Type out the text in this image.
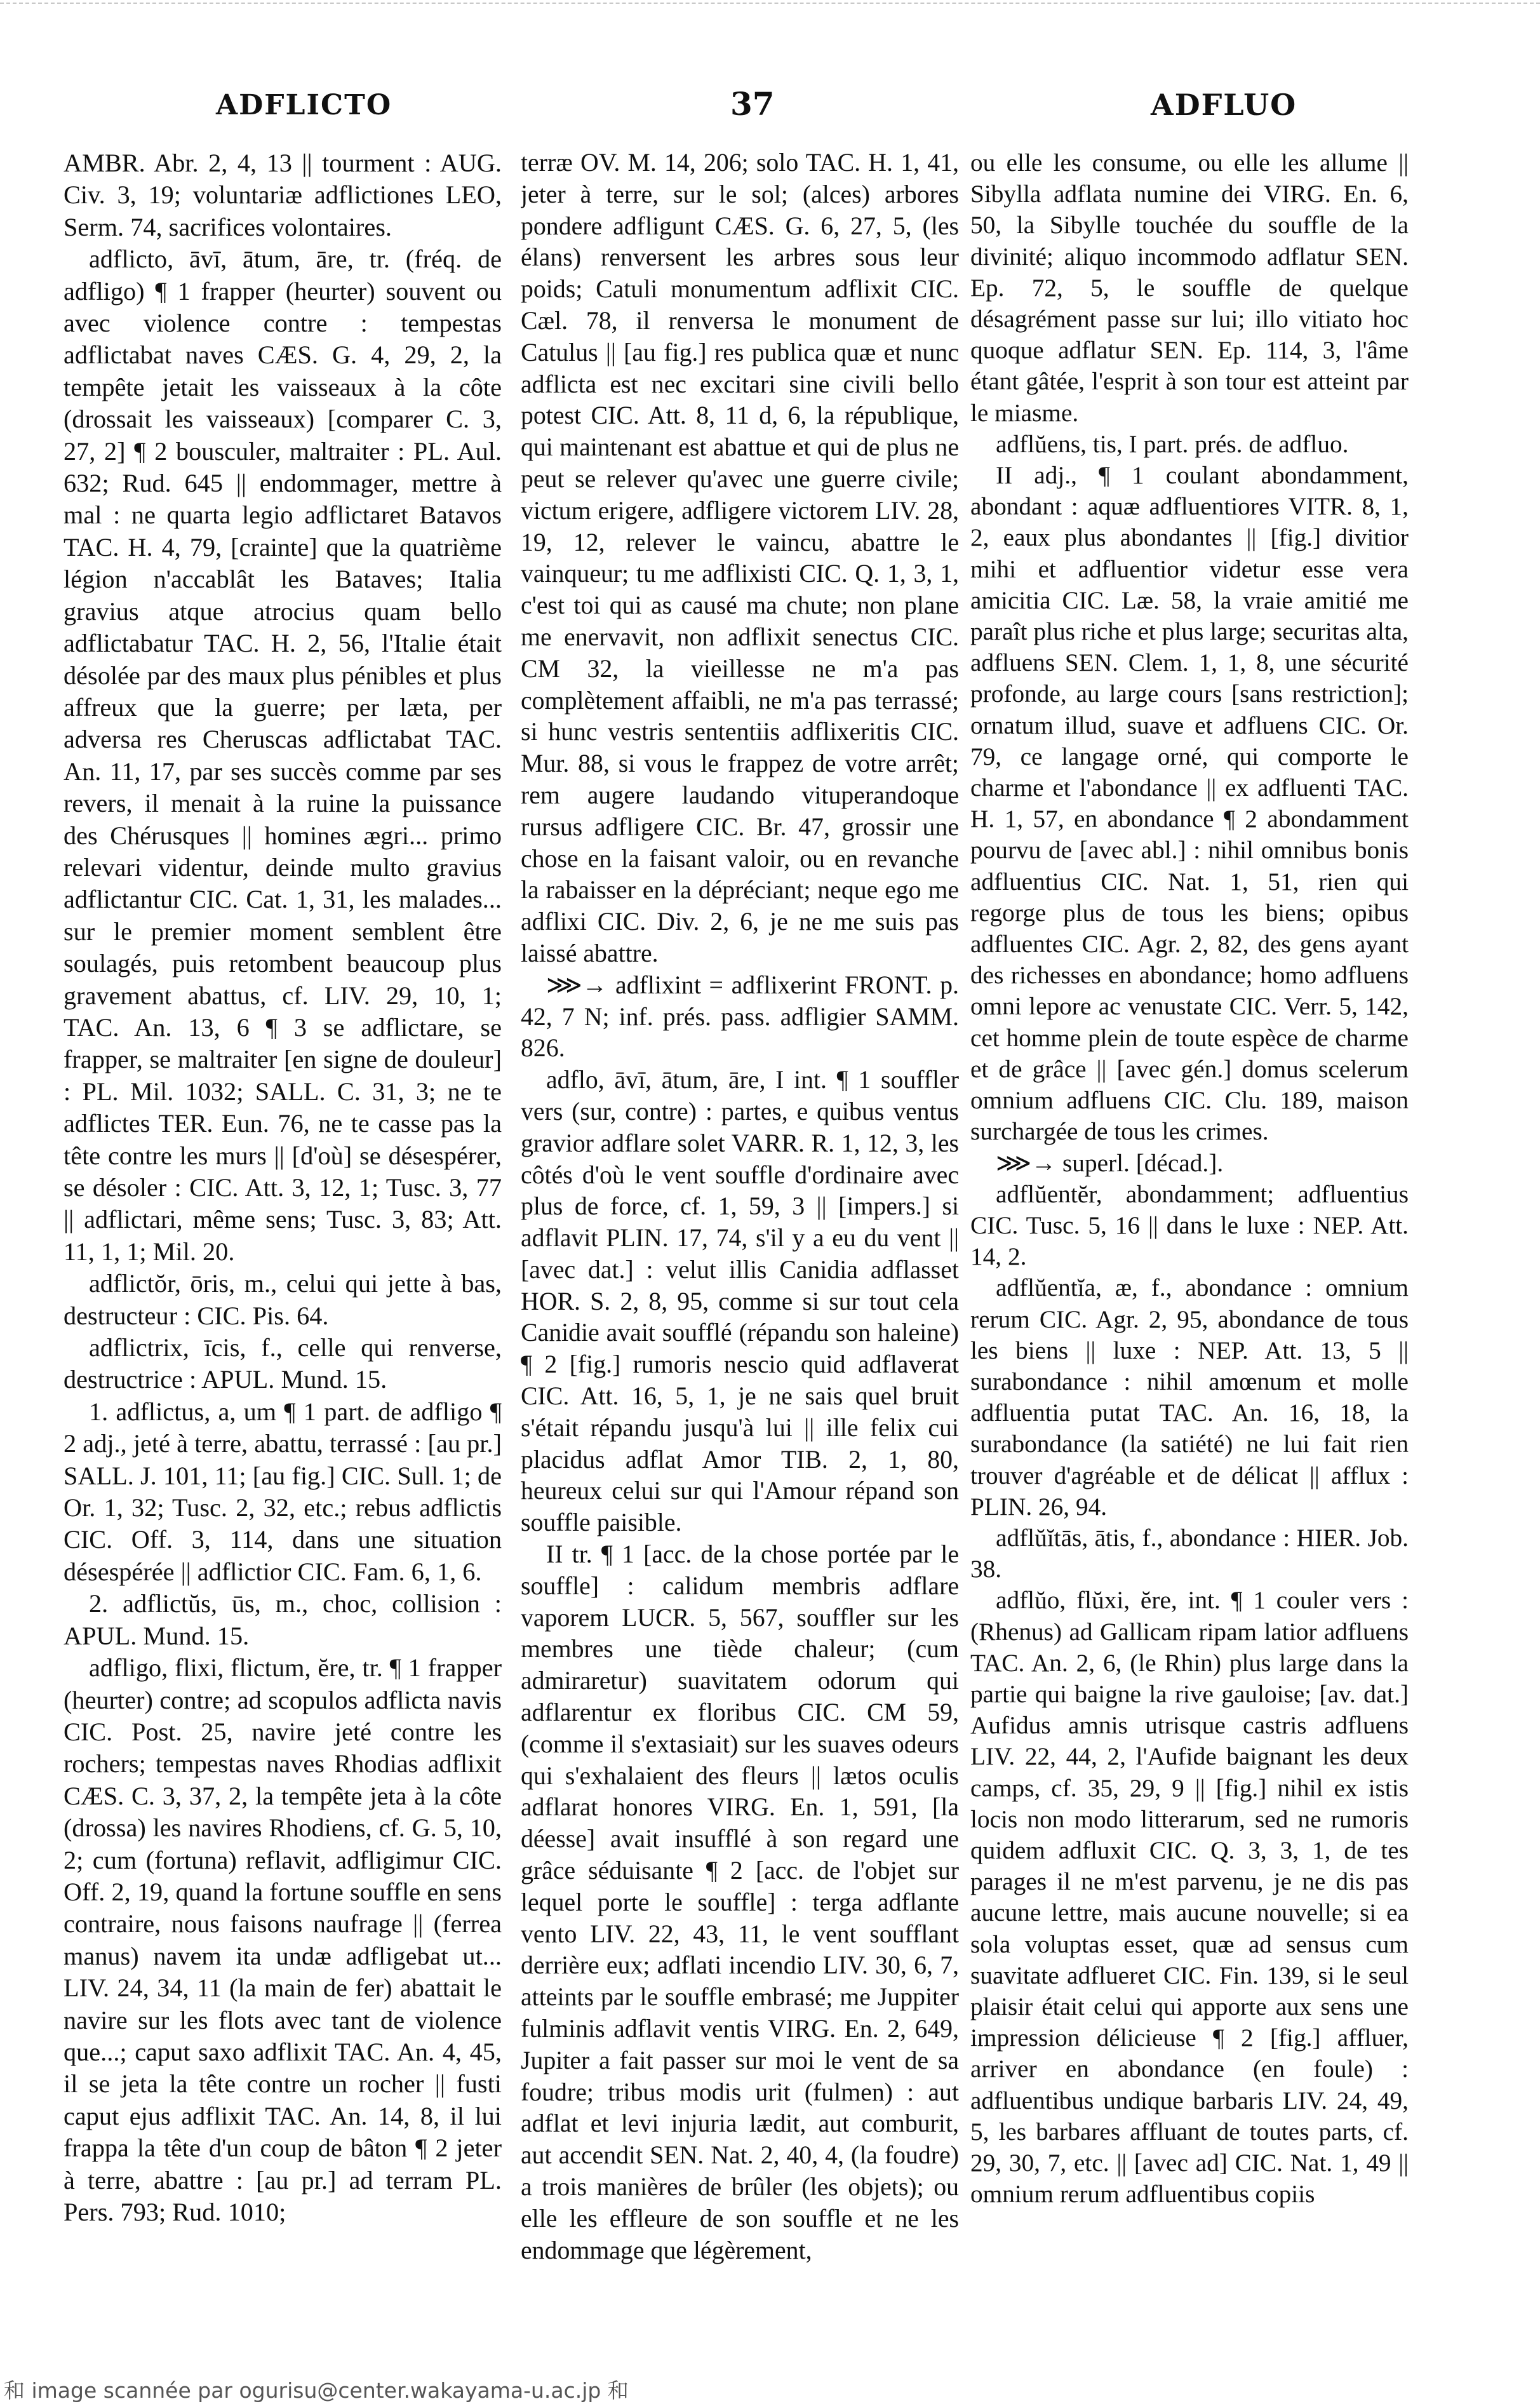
ADFLICTO	37	ADFLUO

AMBR. Abr. 2, 4, 13 || tourment : AUG. Civ. 3, 19; voluntariæ adflictiones LEO, Serm. 74, sacrifices volontaires.

adflicto, āvī, ātum, āre, tr. (fréq. de adfligo) ¶ 1 frapper (heurter) souvent ou avec violence contre : tempestas adflictabat naves CÆS. G. 4, 29, 2, la tempête jetait les vaisseaux à la côte (drossait les vaisseaux) [comparer C. 3, 27, 2] ¶ 2 bousculer, maltraiter : PL. Aul. 632; Rud. 645 || endommager, mettre à mal : ne quarta legio adflictaret Batavos TAC. H. 4, 79, [crainte] que la quatrième légion n'accablât les Bataves; Italia gravius atque atrocius quam bello adflictabatur TAC. H. 2, 56, l'Italie était désolée par des maux plus pénibles et plus affreux que la guerre; per læta, per adversa res Cheruscas adflictabat TAC. An. 11, 17, par ses succès comme par ses revers, il menait à la ruine la puissance des Chérusques || homines ægri... primo relevari videntur, deinde multo gravius adflictantur CIC. Cat. 1, 31, les malades... sur le premier moment semblent être soulagés, puis retombent beaucoup plus gravement abattus, cf. LIV. 29, 10, 1; TAC. An. 13, 6 ¶ 3 se adflictare, se frapper, se maltraiter [en signe de douleur] : PL. Mil. 1032; SALL. C. 31, 3; ne te adflictes TER. Eun. 76, ne te casse pas la tête contre les murs || [d'où] se désespérer, se désoler : CIC. Att. 3, 12, 1; Tusc. 3, 77 || adflictari, même sens; Tusc. 3, 83; Att. 11, 1, 1; Mil. 20.

adflictŏr, ōris, m., celui qui jette à bas, destructeur : CIC. Pis. 64.

adflictrix, īcis, f., celle qui renverse, destructrice : APUL. Mund. 15.

1. adflictus, a, um ¶ 1 part. de adfligo ¶ 2 adj., jeté à terre, abattu, terrassé : [au pr.] SALL. J. 101, 11; [au fig.] CIC. Sull. 1; de Or. 1, 32; Tusc. 2, 32, etc.; rebus adflictis CIC. Off. 3, 114, dans une situation désespérée || adflictior CIC. Fam. 6, 1, 6.

2. adflictŭs, ūs, m., choc, collision : APUL. Mund. 15.

adfligo, flixi, flictum, ĕre, tr. ¶ 1 frapper (heurter) contre; ad scopulos adflicta navis CIC. Post. 25, navire jeté contre les rochers; tempestas naves Rhodias adflixit CÆS. C. 3, 37, 2, la tempête jeta à la côte (drossa) les navires Rhodiens, cf. G. 5, 10, 2; cum (fortuna) reflavit, adfligimur CIC. Off. 2, 19, quand la fortune souffle en sens contraire, nous faisons naufrage || (ferrea manus) navem ita undæ adfligebat ut... LIV. 24, 34, 11 (la main de fer) abattait le navire sur les flots avec tant de violence que...; caput saxo adflixit TAC. An. 4, 45, il se jeta la tête contre un rocher || fusti caput ejus adflixit TAC. An. 14, 8, il lui frappa la tête d'un coup de bâton ¶ 2 jeter à terre, abattre : [au pr.] ad terram PL. Pers. 793; Rud. 1010;

terræ OV. M. 14, 206; solo TAC. H. 1, 41, jeter à terre, sur le sol; (alces) arbores pondere adfligunt CÆS. G. 6, 27, 5, (les élans) renversent les arbres sous leur poids; Catuli monumentum adflixit CIC. Cæl. 78, il renversa le monument de Catulus || [au fig.] res publica quæ et nunc adflicta est nec excitari sine civili bello potest CIC. Att. 8, 11 d, 6, la république, qui maintenant est abattue et qui de plus ne peut se relever qu'avec une guerre civile; victum erigere, adfligere victorem LIV. 28, 19, 12, relever le vaincu, abattre le vainqueur; tu me adflixisti CIC. Q. 1, 3, 1, c'est toi qui as causé ma chute; non plane me enervavit, non adflixit senectus CIC. CM 32, la vieillesse ne m'a pas complètement affaibli, ne m'a pas terrassé; si hunc vestris sententiis adflixeritis CIC. Mur. 88, si vous le frappez de votre arrêt; rem augere laudando vituperandoque rursus adfligere CIC. Br. 47, grossir une chose en la faisant valoir, ou en revanche la rabaisser en la dépréciant; neque ego me adflixi CIC. Div. 2, 6, je ne me suis pas laissé abattre.

⋙→ adflixint = adflixerint FRONT. p. 42, 7 N; inf. prés. pass. adfligier SAMM. 826.

adflo, āvī, ātum, āre, I int. ¶ 1 souffler vers (sur, contre) : partes, e quibus ventus gravior adflare solet VARR. R. 1, 12, 3, les côtés d'où le vent souffle d'ordinaire avec plus de force, cf. 1, 59, 3 || [impers.] si adflavit PLIN. 17, 74, s'il y a eu du vent || [avec dat.] : velut illis Canidia adflasset HOR. S. 2, 8, 95, comme si sur tout cela Canidie avait soufflé (répandu son haleine) ¶ 2 [fig.] rumoris nescio quid adflaverat CIC. Att. 16, 5, 1, je ne sais quel bruit s'était répandu jusqu'à lui || ille felix cui placidus adflat Amor TIB. 2, 1, 80, heureux celui sur qui l'Amour répand son souffle paisible.

II tr. ¶ 1 [acc. de la chose portée par le souffle] : calidum membris adflare vaporem LUCR. 5, 567, souffler sur les membres une tiède chaleur; (cum admiraretur) suavitatem odorum qui adflarentur ex floribus CIC. CM 59, (comme il s'extasiait) sur les suaves odeurs qui s'exhalaient des fleurs || lætos oculis adflarat honores VIRG. En. 1, 591, [la déesse] avait insufflé à son regard une grâce séduisante ¶ 2 [acc. de l'objet sur lequel porte le souffle] : terga adflante vento LIV. 22, 43, 11, le vent soufflant derrière eux; adflati incendio LIV. 30, 6, 7, atteints par le souffle embrasé; me Juppiter fulminis adflavit ventis VIRG. En. 2, 649, Jupiter a fait passer sur moi le vent de sa foudre; tribus modis urit (fulmen) : aut adflat et levi injuria lædit, aut comburit, aut accendit SEN. Nat. 2, 40, 4, (la foudre) a trois manières de brûler (les objets); ou elle les effleure de son souffle et ne les endommage que légèrement,

ou elle les consume, ou elle les allume || Sibylla adflata numine dei VIRG. En. 6, 50, la Sibylle touchée du souffle de la divinité; aliquo incommodo adflatur SEN. Ep. 72, 5, le souffle de quelque désagrément passe sur lui; illo vitiato hoc quoque adflatur SEN. Ep. 114, 3, l'âme étant gâtée, l'esprit à son tour est atteint par le miasme.

adflŭens, tis, I part. prés. de adfluo.

II adj., ¶ 1 coulant abondamment, abondant : aquæ adfluentiores VITR. 8, 1, 2, eaux plus abondantes || [fig.] divitior mihi et adfluentior videtur esse vera amicitia CIC. Læ. 58, la vraie amitié me paraît plus riche et plus large; securitas alta, adfluens SEN. Clem. 1, 1, 8, une sécurité profonde, au large cours [sans restriction]; ornatum illud, suave et adfluens CIC. Or. 79, ce langage orné, qui comporte le charme et l'abondance || ex adfluenti TAC. H. 1, 57, en abondance ¶ 2 abondamment pourvu de [avec abl.] : nihil omnibus bonis adfluentius CIC. Nat. 1, 51, rien qui regorge plus de tous les biens; opibus adfluentes CIC. Agr. 2, 82, des gens ayant des richesses en abondance; homo adfluens omni lepore ac venustate CIC. Verr. 5, 142, cet homme plein de toute espèce de charme et de grâce || [avec gén.] domus scelerum omnium adfluens CIC. Clu. 189, maison surchargée de tous les crimes.

⋙→ superl. [décad.].

adflŭentĕr, abondamment; adfluentius CIC. Tusc. 5, 16 || dans le luxe : NEP. Att. 14, 2.

adflŭentĭa, æ, f., abondance : omnium rerum CIC. Agr. 2, 95, abondance de tous les biens || luxe : NEP. Att. 13, 5 || surabondance : nihil amœnum et molle adfluentia putat TAC. An. 16, 18, la surabondance (la satiété) ne lui fait rien trouver d'agréable et de délicat || afflux : PLIN. 26, 94.

adflŭĭtās, ātis, f., abondance : HIER. Job. 38.

adflŭo, flŭxi, ĕre, int. ¶ 1 couler vers : (Rhenus) ad Gallicam ripam latior adfluens TAC. An. 2, 6, (le Rhin) plus large dans la partie qui baigne la rive gauloise; [av. dat.] Aufidus amnis utrisque castris adfluens LIV. 22, 44, 2, l'Aufide baignant les deux camps, cf. 35, 29, 9 || [fig.] nihil ex istis locis non modo litterarum, sed ne rumoris quidem adfluxit CIC. Q. 3, 3, 1, de tes parages il ne m'est parvenu, je ne dis pas aucune lettre, mais aucune nouvelle; si ea sola voluptas esset, quæ ad sensus cum suavitate adflueret CIC. Fin. 139, si le seul plaisir était celui qui apporte aux sens une impression délicieuse ¶ 2 [fig.] affluer, arriver en abondance (en foule) : adfluentibus undique barbaris LIV. 24, 49, 5, les barbares affluant de toutes parts, cf. 29, 30, 7, etc. || [avec ad] CIC. Nat. 1, 49 || omnium rerum adfluentibus copiis

和 image scannée par ogurisu@center.wakayama-u.ac.jp 和
